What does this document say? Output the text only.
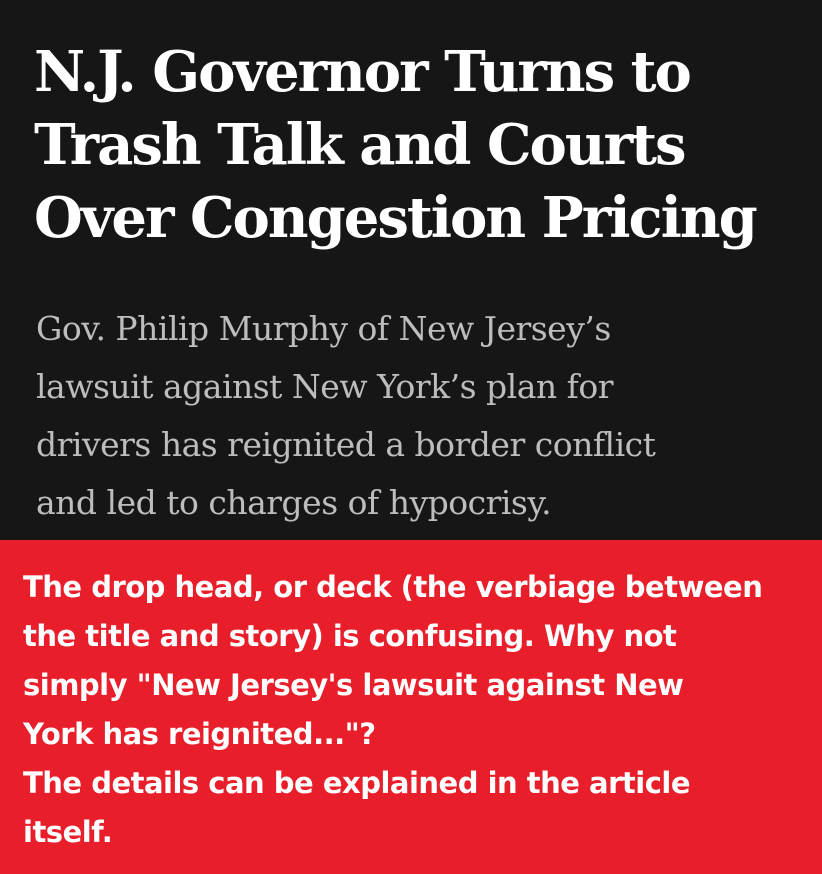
N.J. Governor Turns to
Trash Talk and Courts
Over Congestion Pricing

Gov. Philip Murphy of New Jersey’s
lawsuit against New York’s plan for
drivers has reignited a border conflict
and led to charges of hypocrisy.

The drop head, or deck (the verbiage between
the title and story) is confusing. Why not
simply "New Jersey's lawsuit against New
York has reignited..."?
The details can be explained in the article
itself.
